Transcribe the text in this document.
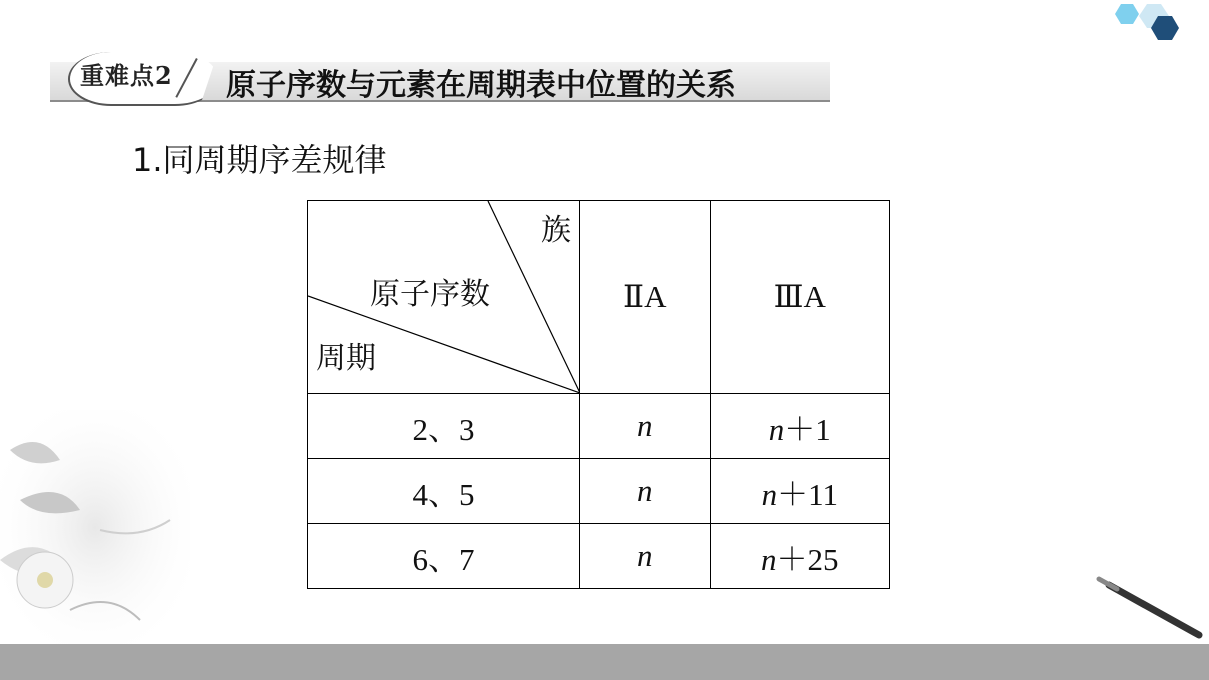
重难点2 原子序数与元素在周期表中位置的关系
1.同周期序差规律
族
原子序数
周期	ⅡA	ⅢA
2、3	n	n＋1
4、5	n	n＋11
6、7	n	n＋25
